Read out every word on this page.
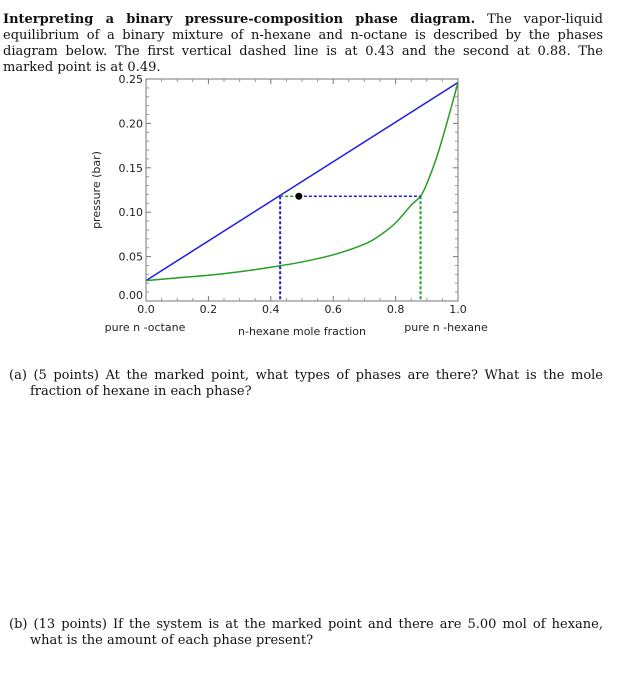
Interpreting a binary pressure-composition phase diagram. The vapor-liquid equilibrium of a binary mixture of n-hexane and n-octane is described by the phases diagram below. The first vertical dashed line is at 0.43 and the second at 0.88. The marked point is at 0.49.
0.0	0.2	0.4	0.6	0.8	1.0
0.00
0.05
0.10
0.15
0.20
0.25
n-hexane mole fraction
pressure (bar)
pure n -octane	pure n -hexane
(a) (5 points) At the marked point, what types of phases are there? What is the mole fraction of hexane in each phase?
(b) (13 points) If the system is at the marked point and there are 5.00 mol of hexane, what is the amount of each phase present?
